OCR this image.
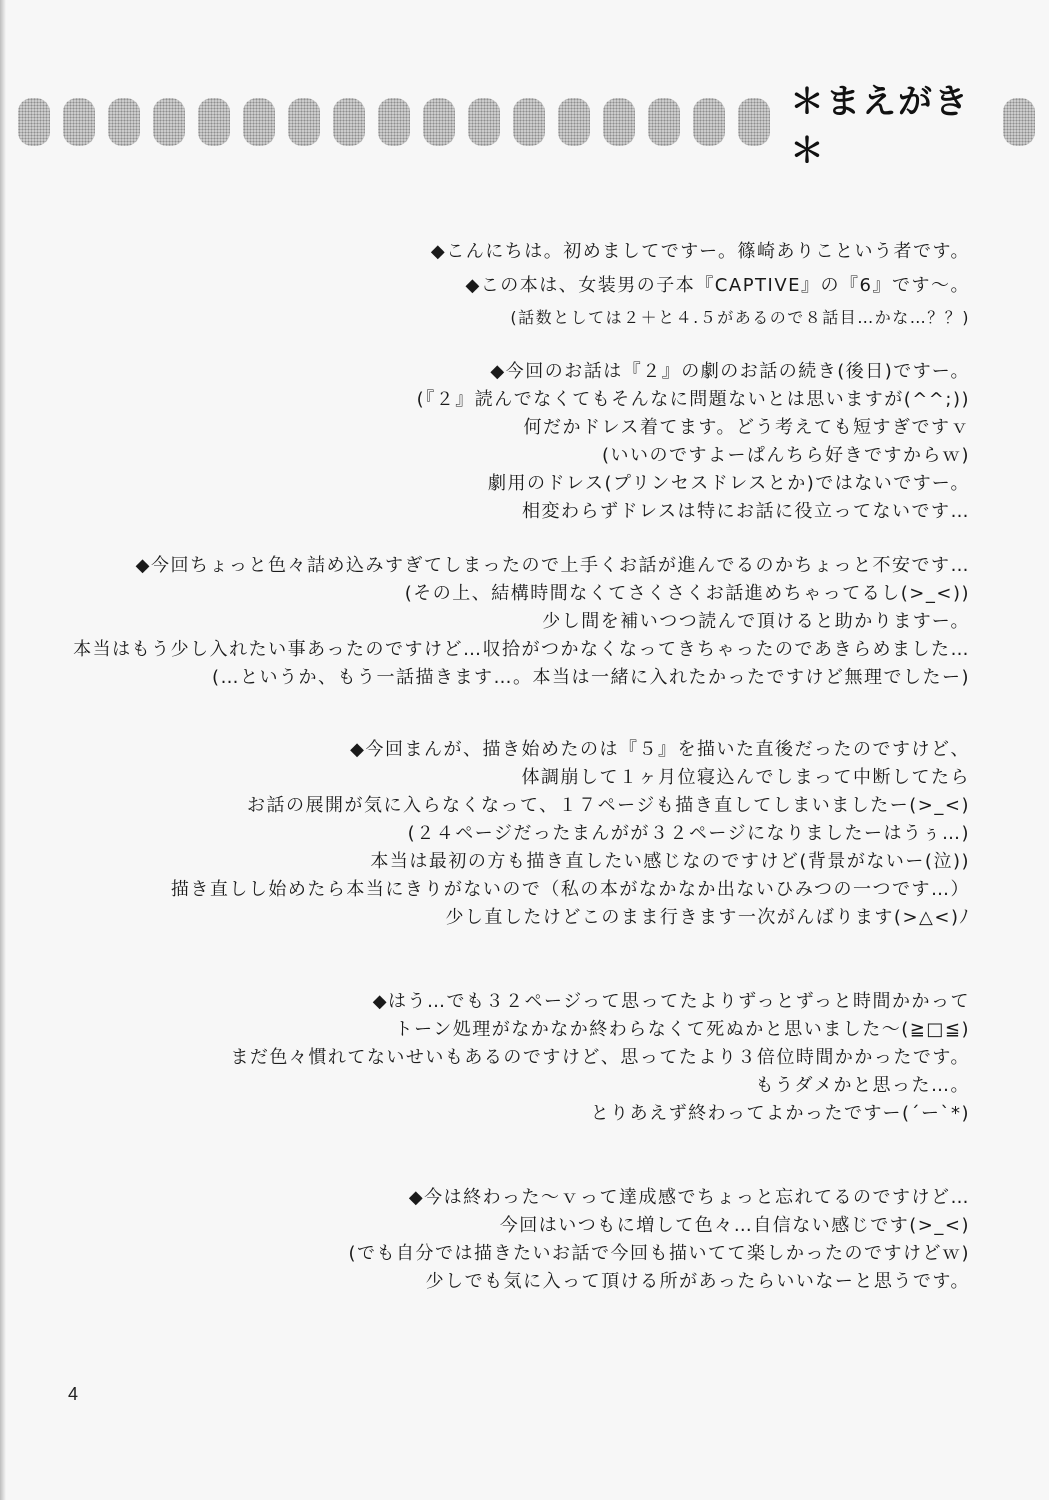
＊まえがき＊
◆こんにちは。初めましてですー。篠崎ありこという者です。
◆この本は、女装男の子本『CAPTIVE』の『6』です～。
(話数としては２＋と４.５があるので８話目…かな…？？)
◆今回のお話は『２』の劇のお話の続き(後日)ですー。
(『２』読んでなくてもそんなに問題ないとは思いますが(^^;))
何だかドレス着てます。どう考えても短すぎですｖ
(いいのですよーぱんちら好きですからｗ)
劇用のドレス(プリンセスドレスとか)ではないですー。
相変わらずドレスは特にお話に役立ってないです…
◆今回ちょっと色々詰め込みすぎてしまったので上手くお話が進んでるのかちょっと不安です…
(その上、結構時間なくてさくさくお話進めちゃってるし(>_<))
少し間を補いつつ読んで頂けると助かりますー。
本当はもう少し入れたい事あったのですけど…収拾がつかなくなってきちゃったのであきらめました…
(…というか、もう一話描きます…。本当は一緒に入れたかったですけど無理でしたー)
◆今回まんが、描き始めたのは『５』を描いた直後だったのですけど、
体調崩して１ヶ月位寝込んでしまって中断してたら
お話の展開が気に入らなくなって、１７ページも描き直してしまいましたー(>_<)
(２４ページだったまんがが３２ページになりましたーはうぅ…)
本当は最初の方も描き直したい感じなのですけど(背景がないー(泣))
描き直しし始めたら本当にきりがないので（私の本がなかなか出ないひみつの一つです…）
少し直したけどこのまま行きます一次がんばります(>△<)ﾉ
◆はう…でも３２ページって思ってたよりずっとずっと時間かかって
トーン処理がなかなか終わらなくて死ぬかと思いました～(≧□≦)
まだ色々慣れてないせいもあるのですけど、思ってたより３倍位時間かかったです。
もうダメかと思った…。
とりあえず終わってよかったですー(´ー`*)
◆今は終わった～ｖって達成感でちょっと忘れてるのですけど…
今回はいつもに増して色々…自信ない感じです(>_<)
(でも自分では描きたいお話で今回も描いてて楽しかったのですけどｗ)
少しでも気に入って頂ける所があったらいいなーと思うです。
4
